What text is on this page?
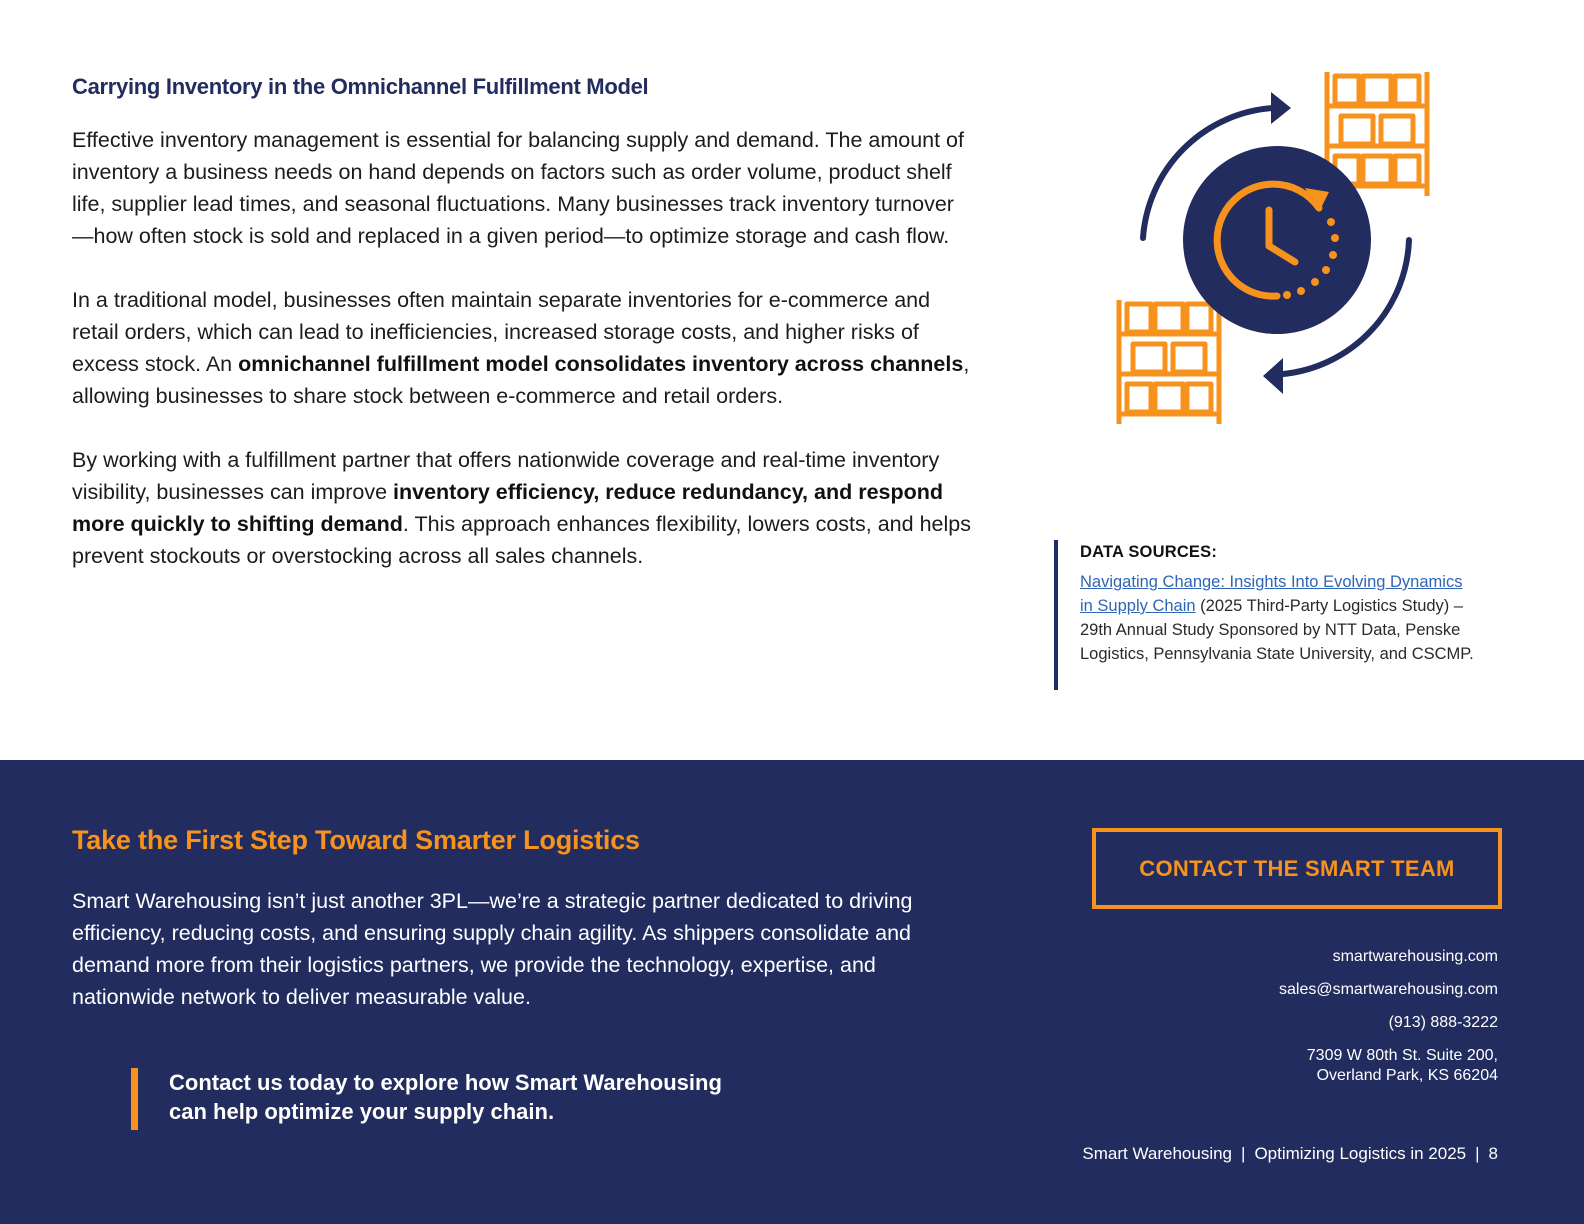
Carrying Inventory in the Omnichannel Fulfillment Model

Effective inventory management is essential for balancing supply and demand. The amount of inventory a business needs on hand depends on factors such as order volume, product shelf life, supplier lead times, and seasonal fluctuations. Many businesses track inventory turnover—how often stock is sold and replaced in a given period—to optimize storage and cash flow.

In a traditional model, businesses often maintain separate inventories for e-commerce and retail orders, which can lead to inefficiencies, increased storage costs, and higher risks of excess stock. An omnichannel fulfillment model consolidates inventory across channels, allowing businesses to share stock between e-commerce and retail orders.

By working with a fulfillment partner that offers nationwide coverage and real-time inventory visibility, businesses can improve inventory efficiency, reduce redundancy, and respond more quickly to shifting demand. This approach enhances flexibility, lowers costs, and helps prevent stockouts or overstocking across all sales channels.	DATA SOURCES:
Navigating Change: Insights Into Evolving Dynamics in Supply Chain (2025 Third-Party Logistics Study) – 29th Annual Study Sponsored by NTT Data, Penske Logistics, Pennsylvania State University, and CSCMP.
Take the First Step Toward Smarter Logistics

Smart Warehousing isn’t just another 3PL—we’re a strategic partner dedicated to driving efficiency, reducing costs, and ensuring supply chain agility. As shippers consolidate and demand more from their logistics partners, we provide the technology, expertise, and nationwide network to deliver measurable value.

Contact us today to explore how Smart Warehousing
can help optimize your supply chain.
CONTACT THE SMART TEAM
smartwarehousing.com
sales@smartwarehousing.com
(913) 888-3222
7309 W 80th St. Suite 200,
Overland Park, KS 66204
Smart Warehousing | Optimizing Logistics in 2025 | 8
